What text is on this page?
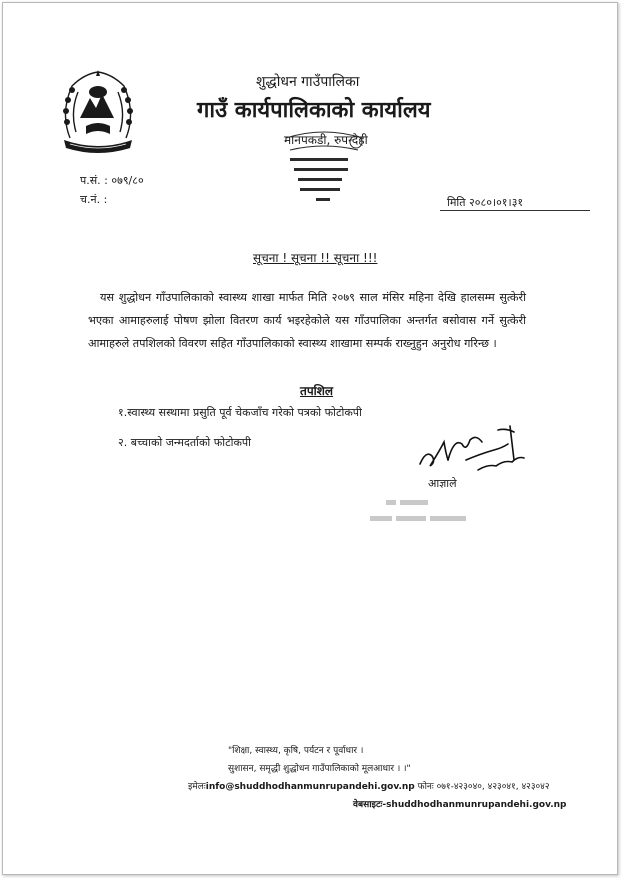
शुद्धोधन गाउँपालिका
गाउँ कार्यपालिकाको कार्यालय
मानपकडी, रुपन्देही
प.सं. : ०७९/८०
च.नं. :	मिति २०८०।०१।३१
सूचना ! सूचना !! सूचना !!!
यस शुद्धोधन गाँउपालिकाको स्वास्थ्य शाखा मार्फत मिति २०७९ साल मंसिर महिना देखि हालसम्म सुत्केरी भएका आमाहरुलाई पोषण झोला वितरण कार्य भइरहेकोले यस गाँउपालिका अन्तर्गत बसोवास गर्ने सुत्केरी आमाहरुले तपशिलको विवरण सहित गाँउपालिकाको स्वास्थ्य शाखामा सम्पर्क राख्नुहुन अनुरोध गरिन्छ ।
तपशिल
१.स्वास्थ्य सस्थामा प्रसुति पूर्व चेकजाँच गरेको पत्रको फोटोकपी
२. बच्चाको जन्मदर्ताको फोटोकपी
आज्ञाले
"शिक्षा, स्वास्थ्य, कृषि, पर्यटन र पूर्वाधार ।
सुशासन, समृद्धी शुद्धोधन गाउँपालिकाको मूलआधार । ।"
इमेलःinfo@shuddhodhanmunrupandehi.gov.np फोनः ०७१-४२३०४०, ४२३०४१, ४२३०४२
वेबसाइटः-shuddhodhanmunrupandehi.gov.np
